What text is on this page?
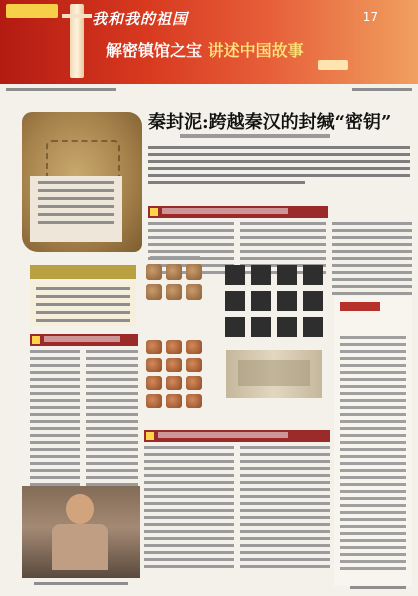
我和我的祖国
解密镇馆之宝 讲述中国故事
17
秦封泥:跨越秦汉的封缄“密钥”
